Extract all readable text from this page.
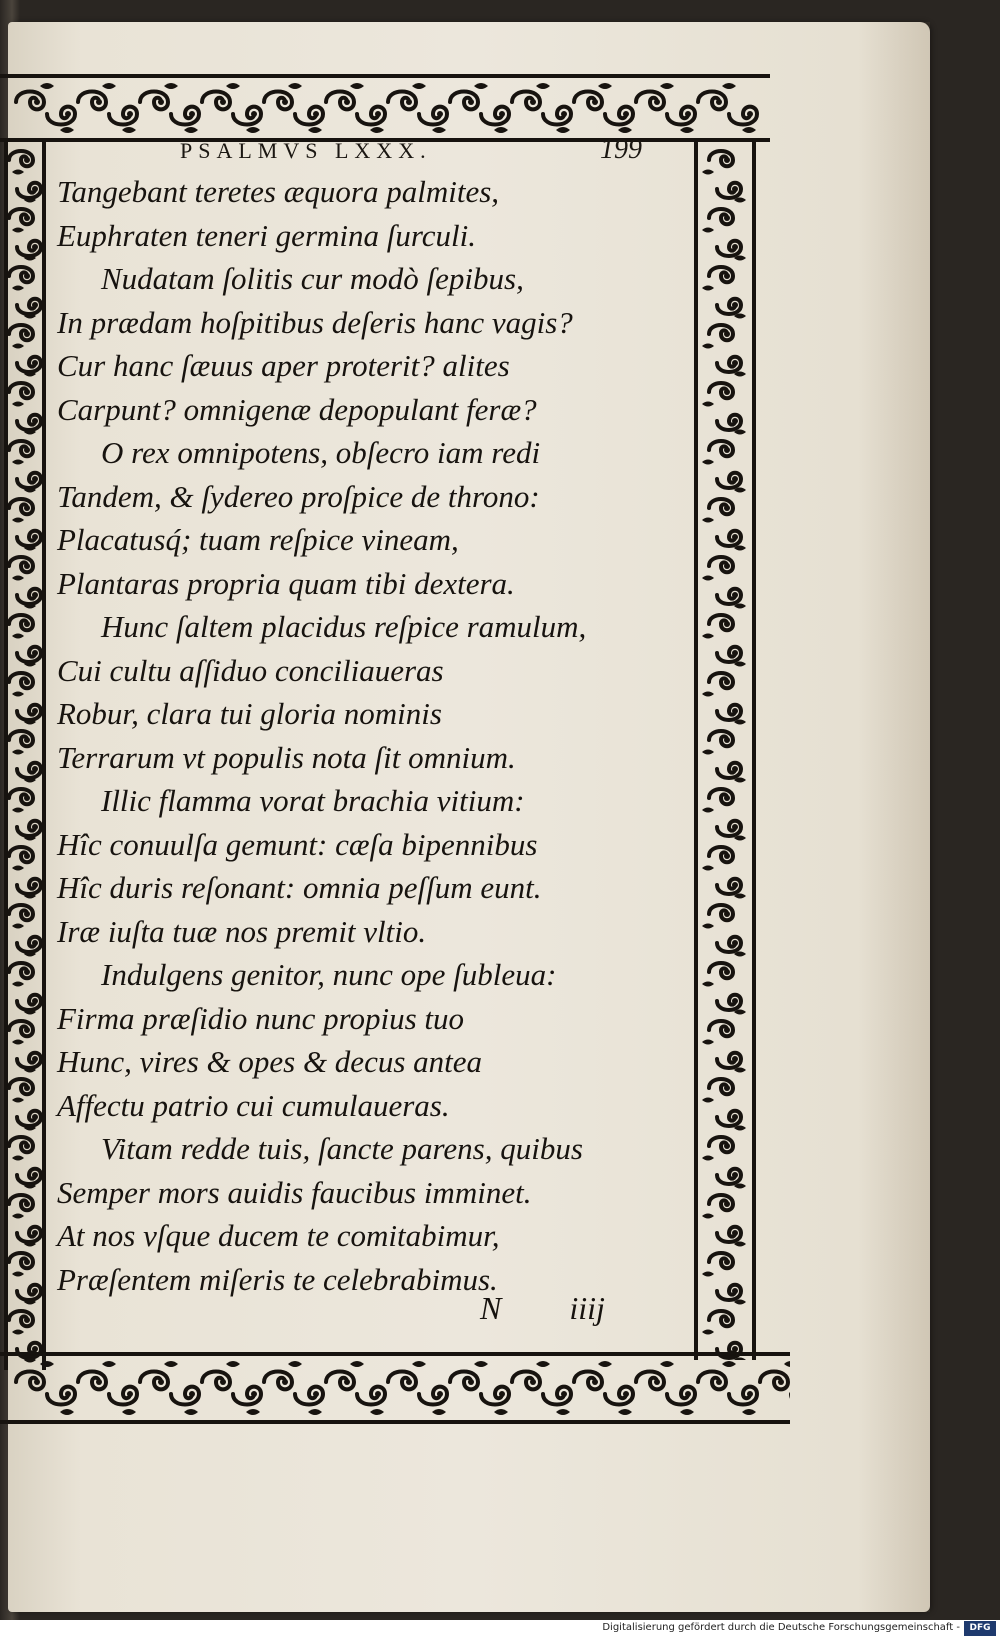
PSALMVS LXXX.	199
Tangebant teretes æquora palmites,
Euphraten teneri germina ſurculi.
Nudatam ſolitis cur modò ſepibus,
In prædam hoſpitibus deſeris hanc vagis?
Cur hanc ſæuus aper proterit? alites
Carpunt? omnigenæ depopulant feræ?
O rex omnipotens, obſecro iam redi
Tandem, & ſydereo proſpice de throno:
Placatusq́; tuam reſpice vineam,
Plantaras propria quam tibi dextera.
Hunc ſaltem placidus reſpice ramulum,
Cui cultu aſſiduo conciliaueras
Robur, clara tui gloria nominis
Terrarum vt populis nota ſit omnium.
Illic flamma vorat brachia vitium:
Hîc conuulſa gemunt: cæſa bipennibus
Hîc duris reſonant: omnia peſſum eunt.
Iræ iuſta tuæ nos premit vltio.
Indulgens genitor, nunc ope ſubleua:
Firma præſidio nunc propius tuo
Hunc, vires & opes & decus antea
Affectu patrio cui cumulaueras.
Vitam redde tuis, ſancte parens, quibus
Semper mors auidis faucibus imminet.
At nos vſque ducem te comitabimur,
Præſentem miſeris te celebrabimus.
N iiij
Digitalisierung gefördert durch die Deutsche Forschungsgemeinschaft -	DFG
